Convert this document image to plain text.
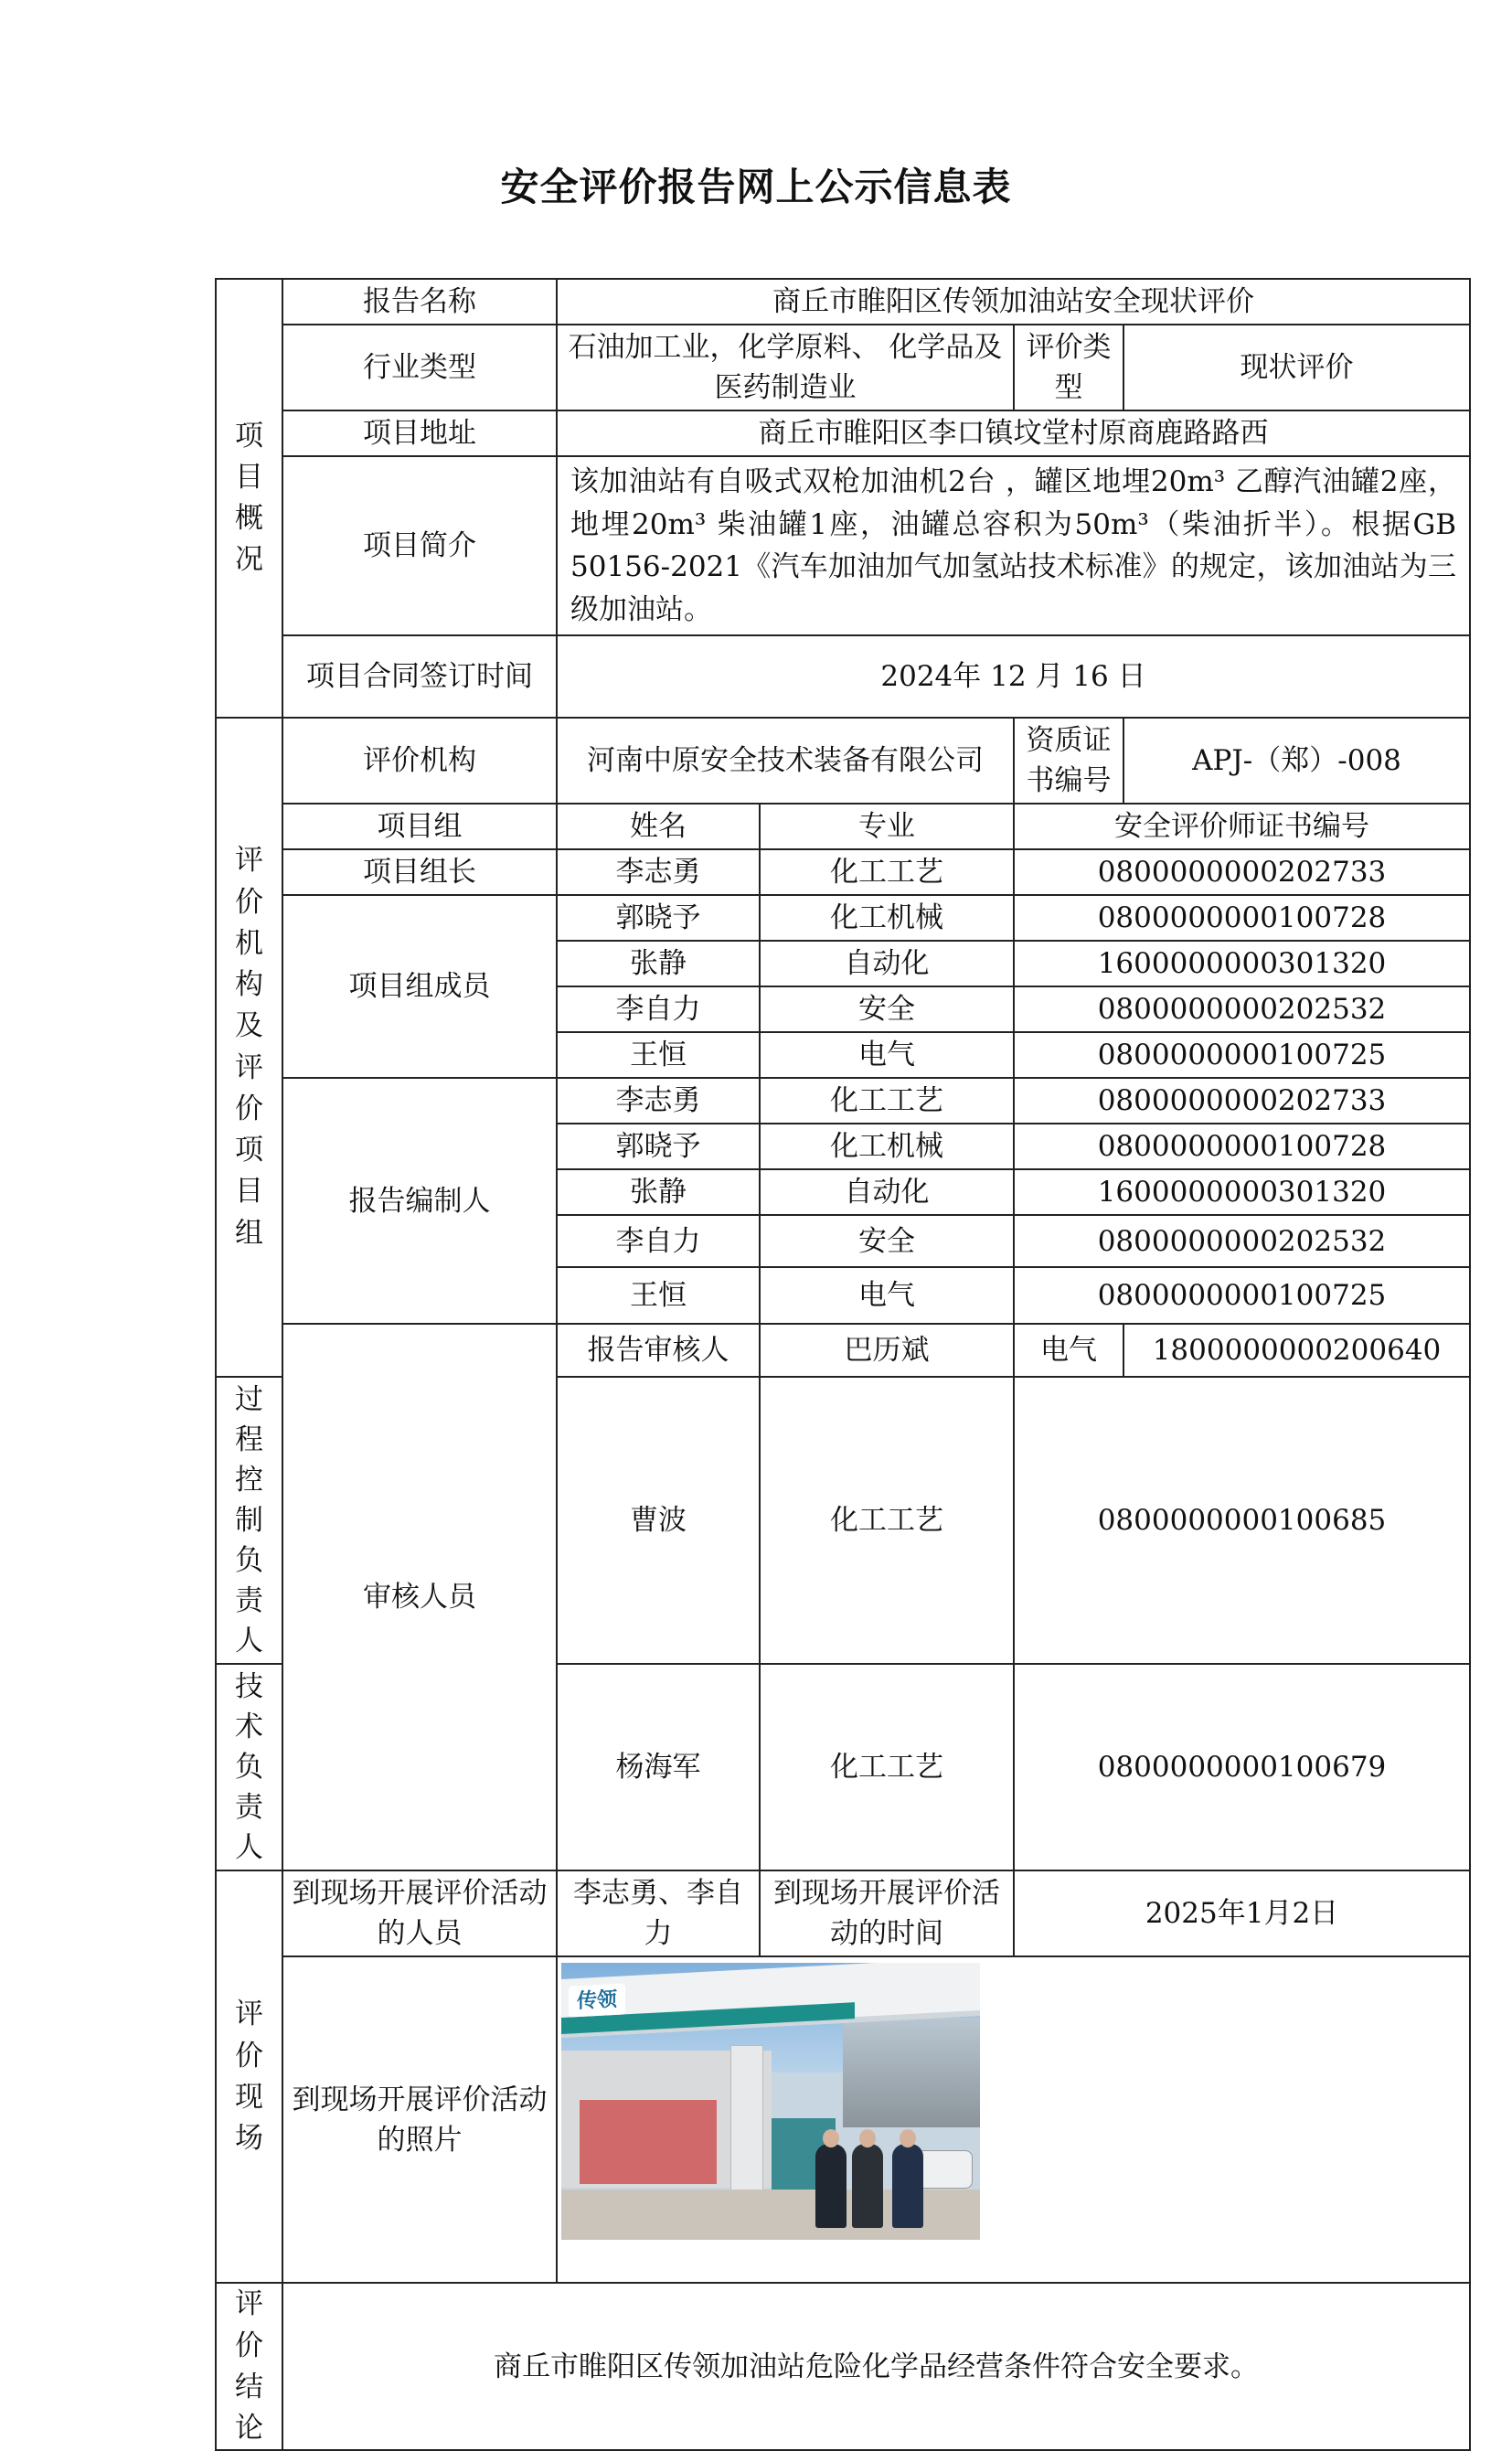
安全评价报告网上公示信息表
项目概况	报告名称	商丘市睢阳区传领加油站安全现状评价			
	行业类型	石油加工业，化学原料、 化学品及医药制造业		评价类型	现状评价
	项目地址	商丘市睢阳区李口镇坟堂村原商鹿路路西			
	项目简介	该加油站有自吸式双枪加油机2台 ，罐区地埋20m³ 乙醇汽油罐2座，地埋20m³ 柴油罐1座，油罐总容积为50m³（柴油折半）。根据GB 50156-2021《汽车加油加气加氢站技术标准》的规定，该加油站为三级加油站。			
	项目合同签订时间	2024年 12 月 16 日			
评价机构及评价项目组	评价机构	河南中原安全技术装备有限公司		资质证书编号	APJ-（郑）-008
	项目组	姓名	专业	安全评价师证书编号	
	项目组长	李志勇	化工工艺	0800000000202733	
	项目组成员	郭晓予	化工机械	0800000000100728	
		张静	自动化	1600000000301320	
		李自力	安全	0800000000202532	
		王恒	电气	0800000000100725	
	报告编制人	李志勇	化工工艺	0800000000202733	
		郭晓予	化工机械	0800000000100728	
		张静	自动化	1600000000301320	
		李自力	安全	0800000000202532	
		王恒	电气	0800000000100725	
	审核人员	报告审核人	巴历斌	电气	1800000000200640
过程控制负责人		曹波	化工工艺	0800000000100685	
技术负责人		杨海军	化工工艺	0800000000100679	
评价现场	到现场开展评价活动的人员	李志勇、李自力	到现场开展评价活动的时间	2025年1月2日	
	到现场开展评价活动的照片	传领			

评价结论	商丘市睢阳区传领加油站危险化学品经营条件符合安全要求。				
